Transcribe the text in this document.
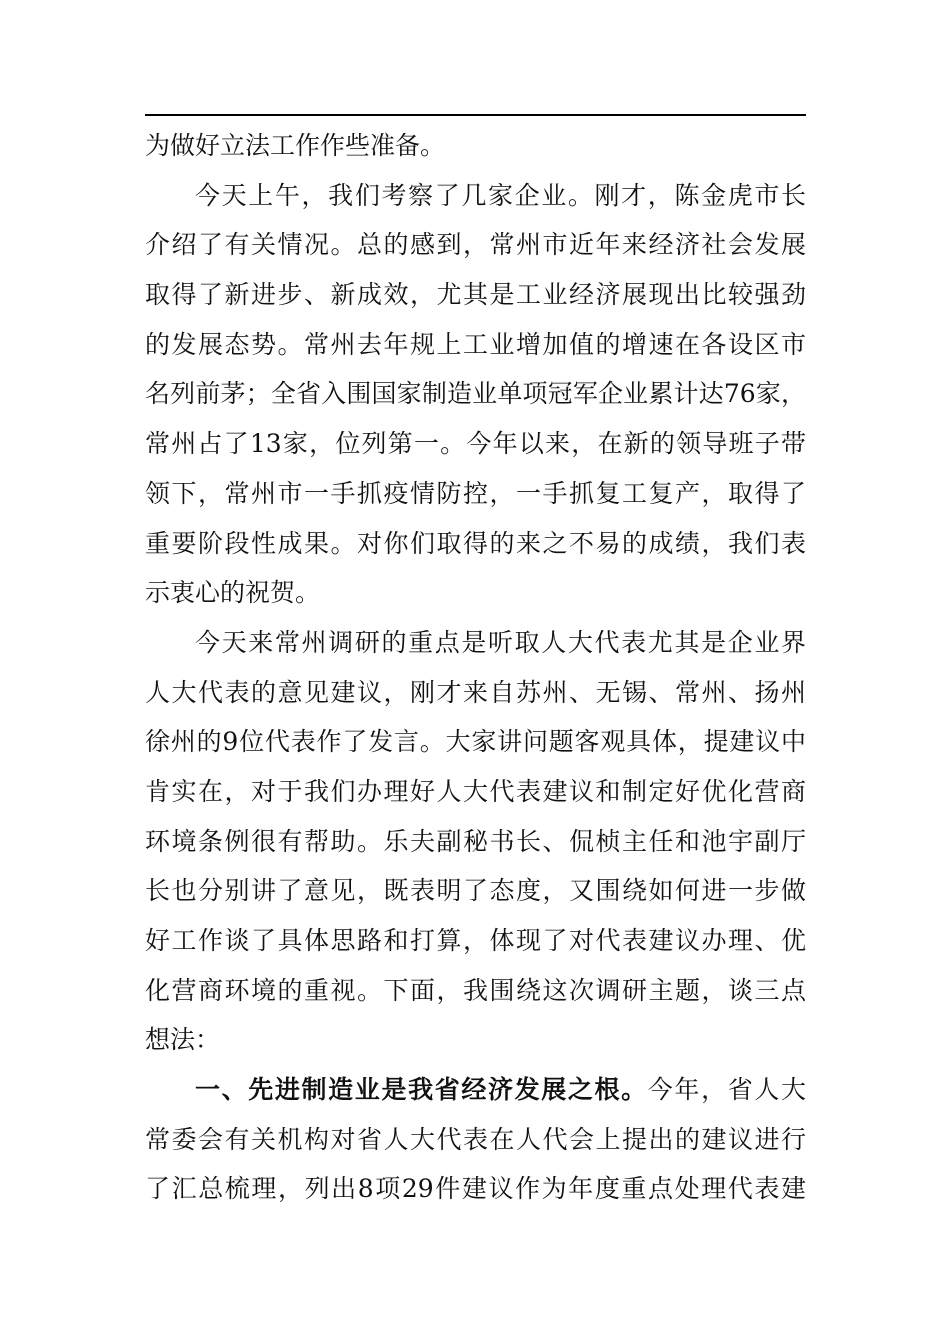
为做好立法工作作些准备。
今天上午，我们考察了几家企业。刚才，陈金虎市长
介绍了有关情况。总的感到，常州市近年来经济社会发展
取得了新进步、新成效，尤其是工业经济展现出比较强劲
的发展态势。常州去年规上工业增加值的增速在各设区市
名列前茅；全省入围国家制造业单项冠军企业累计达76家，
常州占了13家，位列第一。今年以来，在新的领导班子带
领下，常州市一手抓疫情防控，一手抓复工复产，取得了
重要阶段性成果。对你们取得的来之不易的成绩，我们表
示衷心的祝贺。
今天来常州调研的重点是听取人大代表尤其是企业界
人大代表的意见建议，刚才来自苏州、无锡、常州、扬州
徐州的9位代表作了发言。大家讲问题客观具体，提建议中
肯实在，对于我们办理好人大代表建议和制定好优化营商
环境条例很有帮助。乐夫副秘书长、侃桢主任和池宇副厅
长也分别讲了意见，既表明了态度，又围绕如何进一步做
好工作谈了具体思路和打算，体现了对代表建议办理、优
化营商环境的重视。下面，我围绕这次调研主题，谈三点
想法：
一、先进制造业是我省经济发展之根。今年，省人大
常委会有关机构对省人大代表在人代会上提出的建议进行
了汇总梳理，列出8项29件建议作为年度重点处理代表建
